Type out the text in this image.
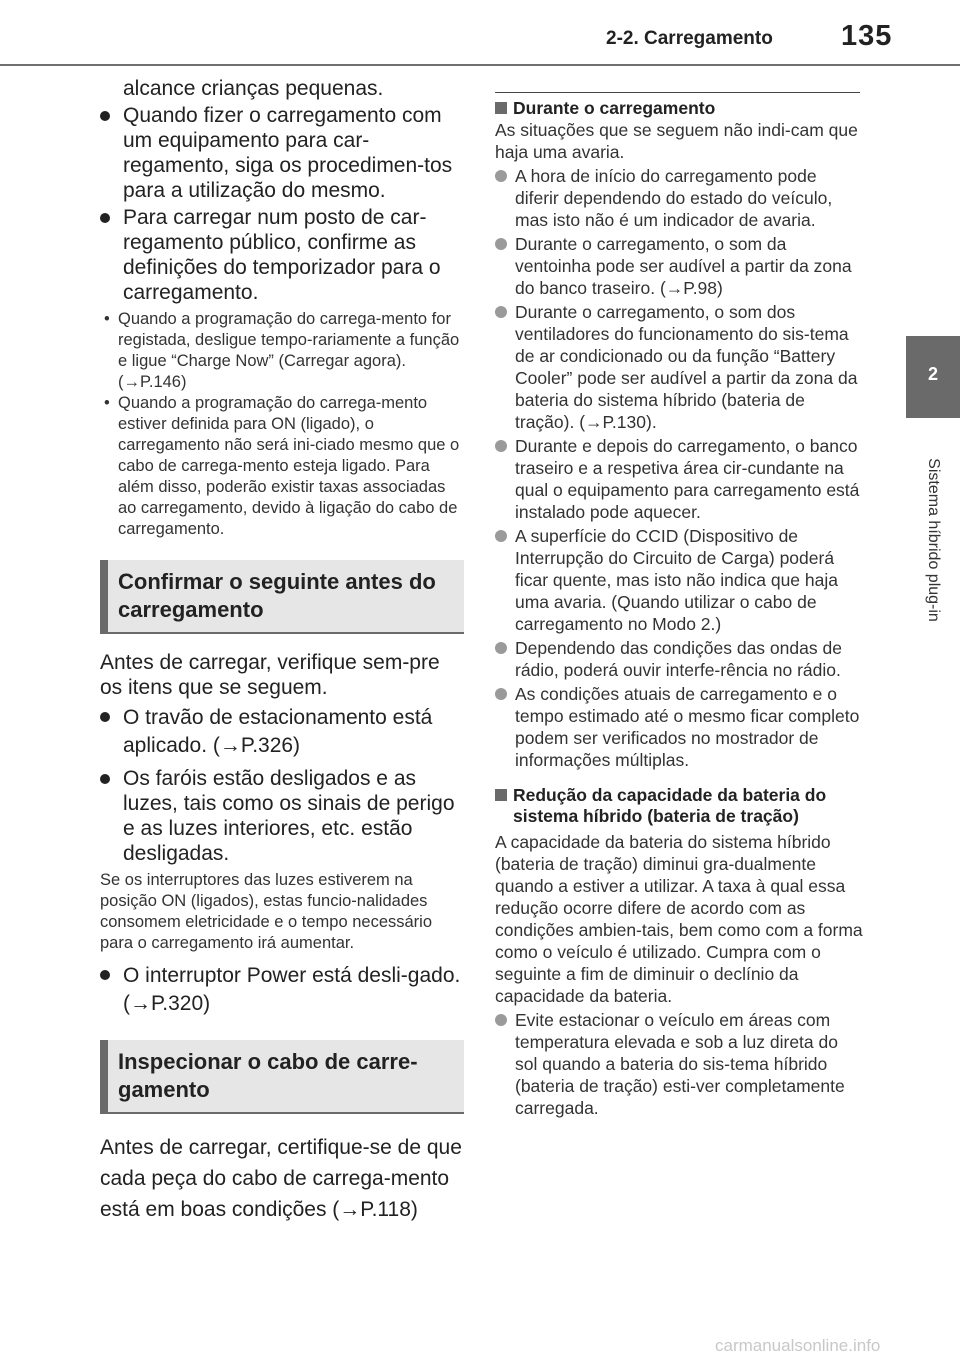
2-2. Carregamento 135
2
Sistema híbrido plug-in

alcance crianças pequenas.

Quando fizer o carregamento com um equipamento para car-regamento, siga os procedimen-tos para a utilização do mesmo.

Para carregar num posto de car-regamento público, confirme as definições do temporizador para o carregamento.

• Quando a programação do carrega-mento for registada, desligue tempo-rariamente a função e ligue “Charge Now” (Carregar agora). (→P.146)

• Quando a programação do carrega-mento estiver definida para ON (ligado), o carregamento não será ini-ciado mesmo que o cabo de carrega-mento esteja ligado. Para além disso, poderão existir taxas associadas ao carregamento, devido à ligação do cabo de carregamento.

Confirmar o seguinte antes do carregamento

Antes de carregar, verifique sem-pre os itens que se seguem.

O travão de estacionamento está aplicado. (→P.326)

Os faróis estão desligados e as luzes, tais como os sinais de perigo e as luzes interiores, etc. estão desligadas.

Se os interruptores das luzes estiverem na posição ON (ligados), estas funcio-nalidades consomem eletricidade e o tempo necessário para o carregamento irá aumentar.

O interruptor Power está desli-gado. (→P.320)

Inspecionar o cabo de carre-gamento

Antes de carregar, certifique-se de que cada peça do cabo de carrega-mento está em boas condições (→P.118)

Durante o carregamento

As situações que se seguem não indi-cam que haja uma avaria.

A hora de início do carregamento pode diferir dependendo do estado do veículo, mas isto não é um indicador de avaria.

Durante o carregamento, o som da ventoinha pode ser audível a partir da zona do banco traseiro. (→P.98)

Durante o carregamento, o som dos ventiladores do funcionamento do sis-tema de ar condicionado ou da função “Battery Cooler” pode ser audível a partir da zona da bateria do sistema híbrido (bateria de tração). (→P.130).

Durante e depois do carregamento, o banco traseiro e a respetiva área cir-cundante na qual o equipamento para carregamento está instalado pode aquecer.

A superfície do CCID (Dispositivo de Interrupção do Circuito de Carga) poderá ficar quente, mas isto não indica que haja uma avaria. (Quando utilizar o cabo de carregamento no Modo 2.)

Dependendo das condições das ondas de rádio, poderá ouvir interfe-rência no rádio.

As condições atuais de carregamento e o tempo estimado até o mesmo ficar completo podem ser verificados no mostrador de informações múltiplas.

Redução da capacidade da bateria do sistema híbrido (bateria de tração)

A capacidade da bateria do sistema híbrido (bateria de tração) diminui gra-dualmente quando a estiver a utilizar. A taxa à qual essa redução ocorre difere de acordo com as condições ambien-tais, bem como com a forma como o veículo é utilizado. Cumpra com o seguinte a fim de diminuir o declínio da capacidade da bateria.

Evite estacionar o veículo em áreas com temperatura elevada e sob a luz direta do sol quando a bateria do sis-tema híbrido (bateria de tração) esti-ver completamente carregada.

carmanualsonline.info
